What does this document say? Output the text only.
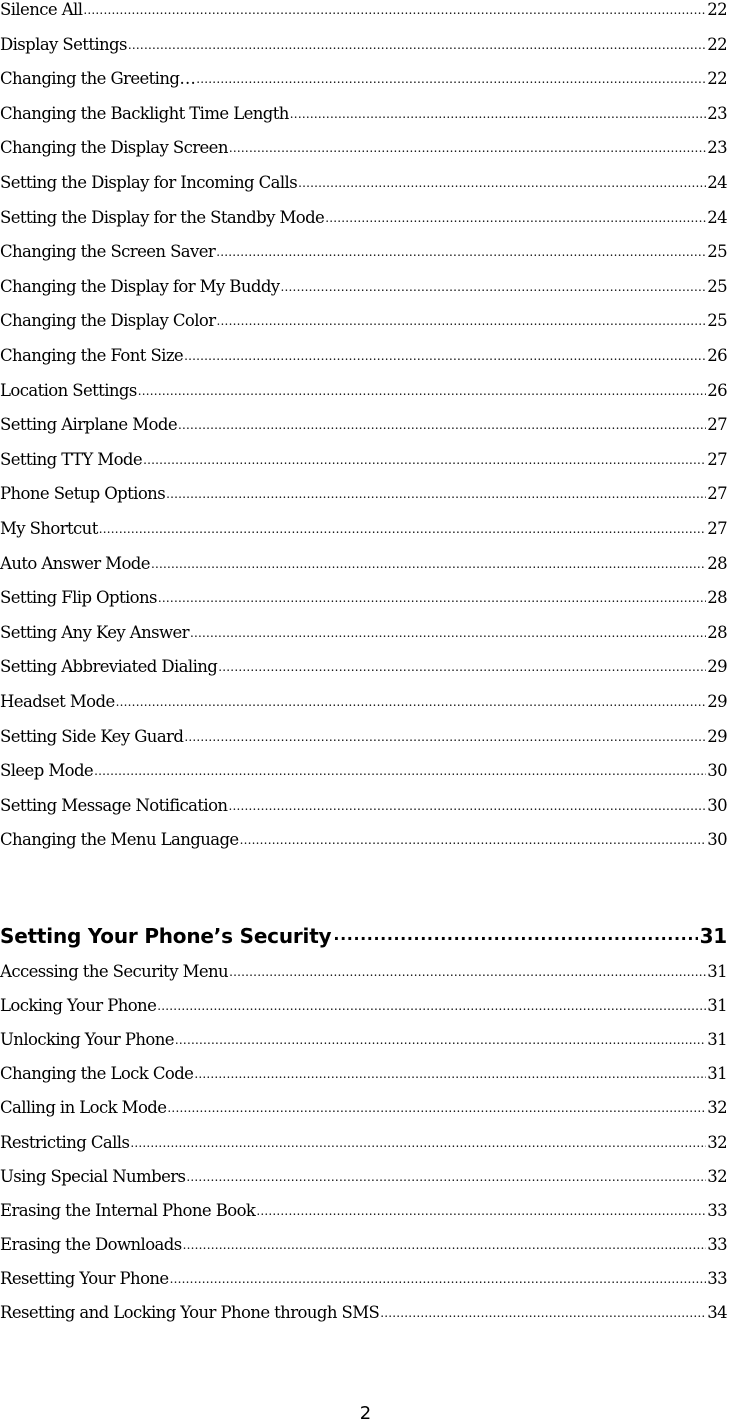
Setting Your Phone’s Security .....	31
Silence All .....	22
Display Settings .....	22
Changing the Greeting… .....	22
Changing the Backlight Time Length .....	23
Changing the Display Screen .....	23
Setting the Display for Incoming Calls .....	24
Setting the Display for the Standby Mode .....	24
Changing the Screen Saver .....	25
Changing the Display for My Buddy .....	25
Changing the Display Color .....	25
Changing the Font Size .....	26
Location Settings .....	26
Setting Airplane Mode .....	27
Setting TTY Mode .....	27
Phone Setup Options .....	27
My Shortcut .....	27
Auto Answer Mode .....	28
Setting Flip Options .....	28
Setting Any Key Answer .....	28
Setting Abbreviated Dialing .....	29
Headset Mode .....	29
Setting Side Key Guard .....	29
Sleep Mode .....	30
Setting Message Notification .....	30
Changing the Menu Language .....	30
Accessing the Security Menu .....	31
Locking Your Phone .....	31
Unlocking Your Phone .....	31
Changing the Lock Code .....	31
Calling in Lock Mode .....	32
Restricting Calls .....	32
Using Special Numbers .....	32
Erasing the Internal Phone Book .....	33
Erasing the Downloads .....	33
Resetting Your Phone .....	33
Resetting and Locking Your Phone through SMS .....	34
2
